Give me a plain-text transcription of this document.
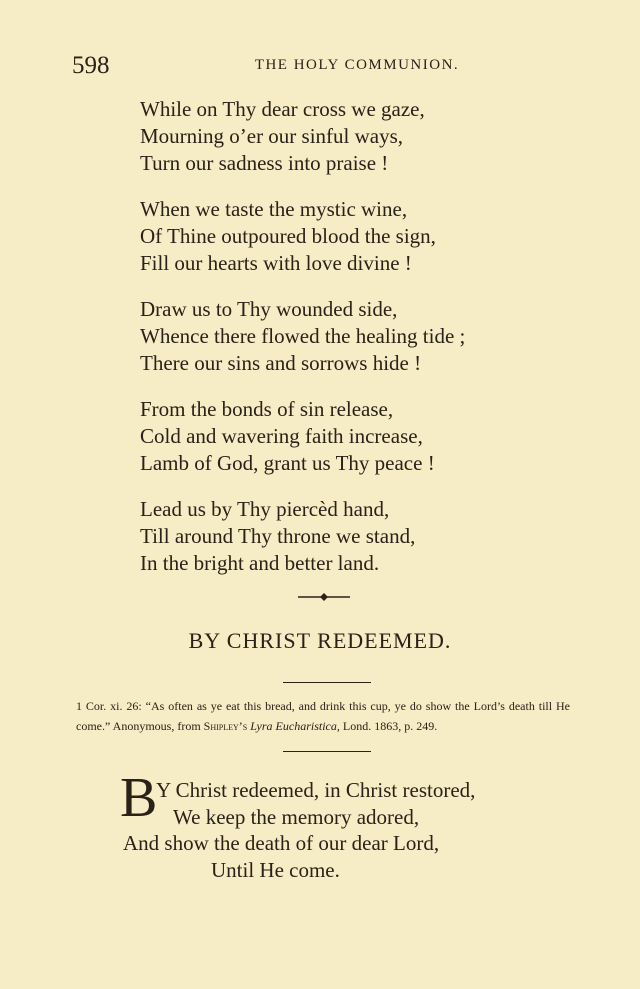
598	THE HOLY COMMUNION.
While on Thy dear cross we gaze,
Mourning o’er our sinful ways,
Turn our sadness into praise !
When we taste the mystic wine,
Of Thine outpoured blood the sign,
Fill our hearts with love divine !
Draw us to Thy wounded side,
Whence there flowed the healing tide ;
There our sins and sorrows hide !
From the bonds of sin release,
Cold and wavering faith increase,
Lamb of God, grant us Thy peace !
Lead us by Thy piercèd hand,
Till around Thy throne we stand,
In the bright and better land.
BY CHRIST REDEEMED.
1 Cor. xi. 26: “As often as ye eat this bread, and drink this cup, ye do show the Lord’s death till He come.” Anonymous, from Shipley’s Lyra Eucharistica, Lond. 1863, p. 249.
B
Y Christ redeemed, in Christ restored,
We keep the memory adored,
And show the death of our dear Lord,
Until He come.
